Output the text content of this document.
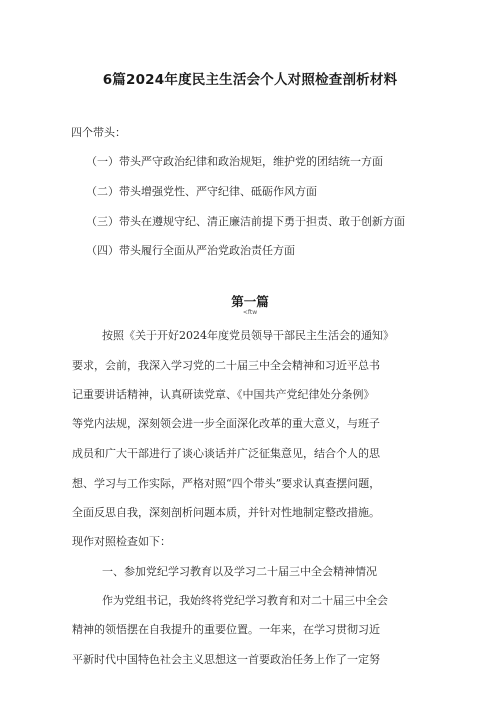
6篇2024年度民主生活会个人对照检查剖析材料
四个带头：
（一）带头严守政治纪律和政治规矩，维护党的团结统一方面
（二）带头增强党性、严守纪律、砥砺作风方面
（三）带头在遵规守纪、清正廉洁前提下勇于担责、敢于创新方面
（四）带头履行全面从严治党政治责任方面
第一篇
<ftw
按照《关于开好2024年度党员领导干部民主生活会的通知》
要求，会前，我深入学习党的二十届三中全会精神和习近平总书
记重要讲话精神，认真研读党章、《中国共产党纪律处分条例》
等党内法规，深刻领会进一步全面深化改革的重大意义，与班子
成员和广大干部进行了谈心谈话并广泛征集意见，结合个人的思
想、学习与工作实际，严格对照“四个带头”要求认真查摆问题，
全面反思自我，深刻剖析问题本质，并针对性地制定整改措施。
现作对照检查如下：
一、参加党纪学习教育以及学习二十届三中全会精神情况
作为党组书记，我始终将党纪学习教育和对二十届三中全会
精神的领悟摆在自我提升的重要位置。一年来，在学习贯彻习近
平新时代中国特色社会主义思想这一首要政治任务上作了一定努
